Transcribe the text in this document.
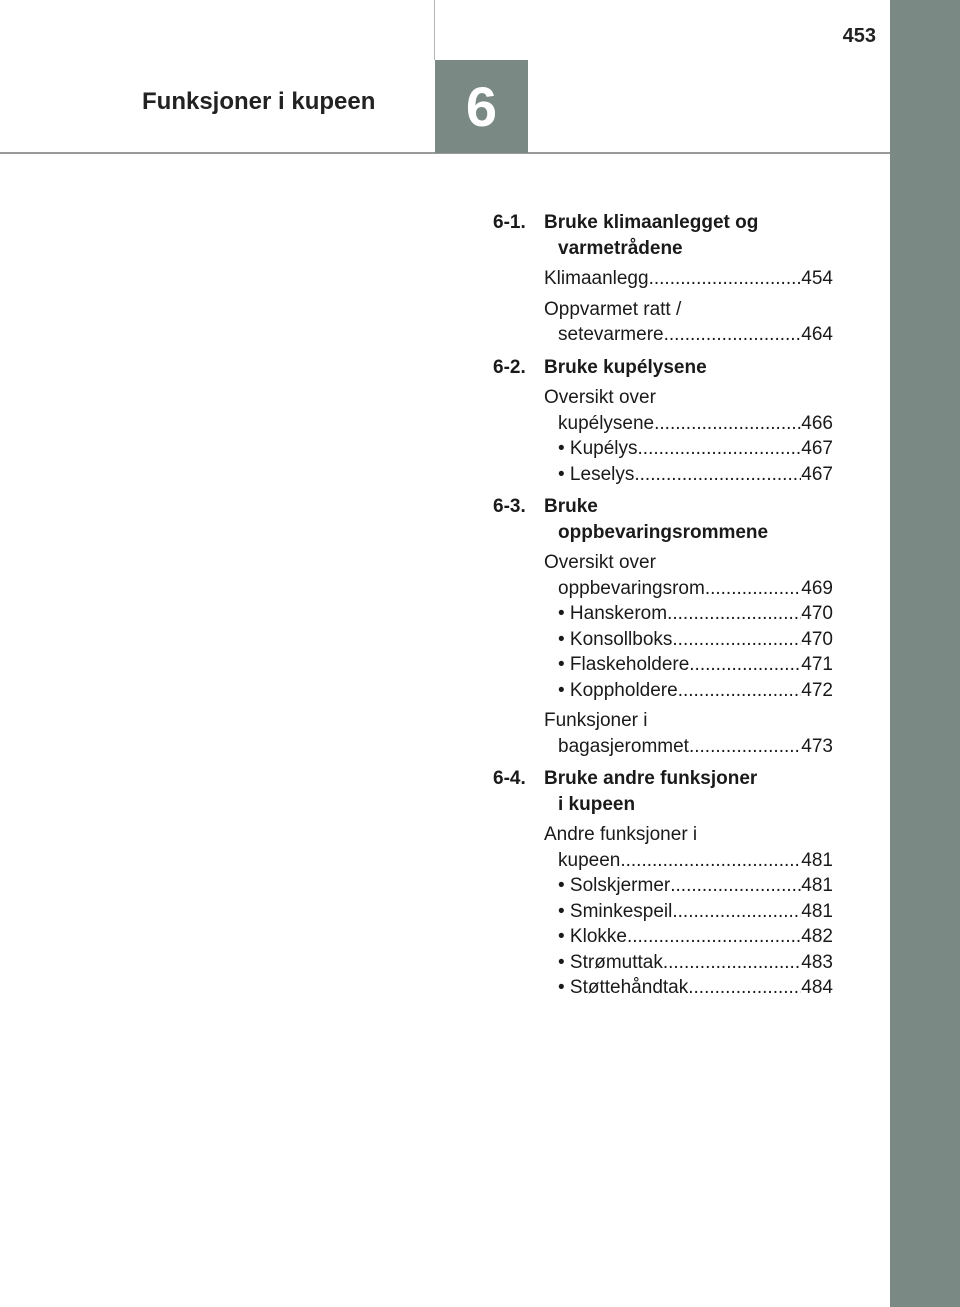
453
Funksjoner i kupeen 6
6-1. Bruke klimaanlegget og
varmetrådene
Klimaanlegg .....	454
Oppvarmet ratt /
setevarmere .....	464
6-2. Bruke kupélysene
Oversikt over
kupélysene .....	466
• Kupélys .....	467
• Leselys .....	467
6-3. Bruke
oppbevaringsrommene
Oversikt over
oppbevaringsrom .....	469
• Hanskerom .....	470
• Konsollboks .....	470
• Flaskeholdere .....	471
• Koppholdere .....	472
Funksjoner i
bagasjerommet .....	473
6-4. Bruke andre funksjoner
i kupeen
Andre funksjoner i
kupeen .....	481
• Solskjermer .....	481
• Sminkespeil .....	481
• Klokke .....	482
• Strømuttak .....	483
• Støttehåndtak .....	484
